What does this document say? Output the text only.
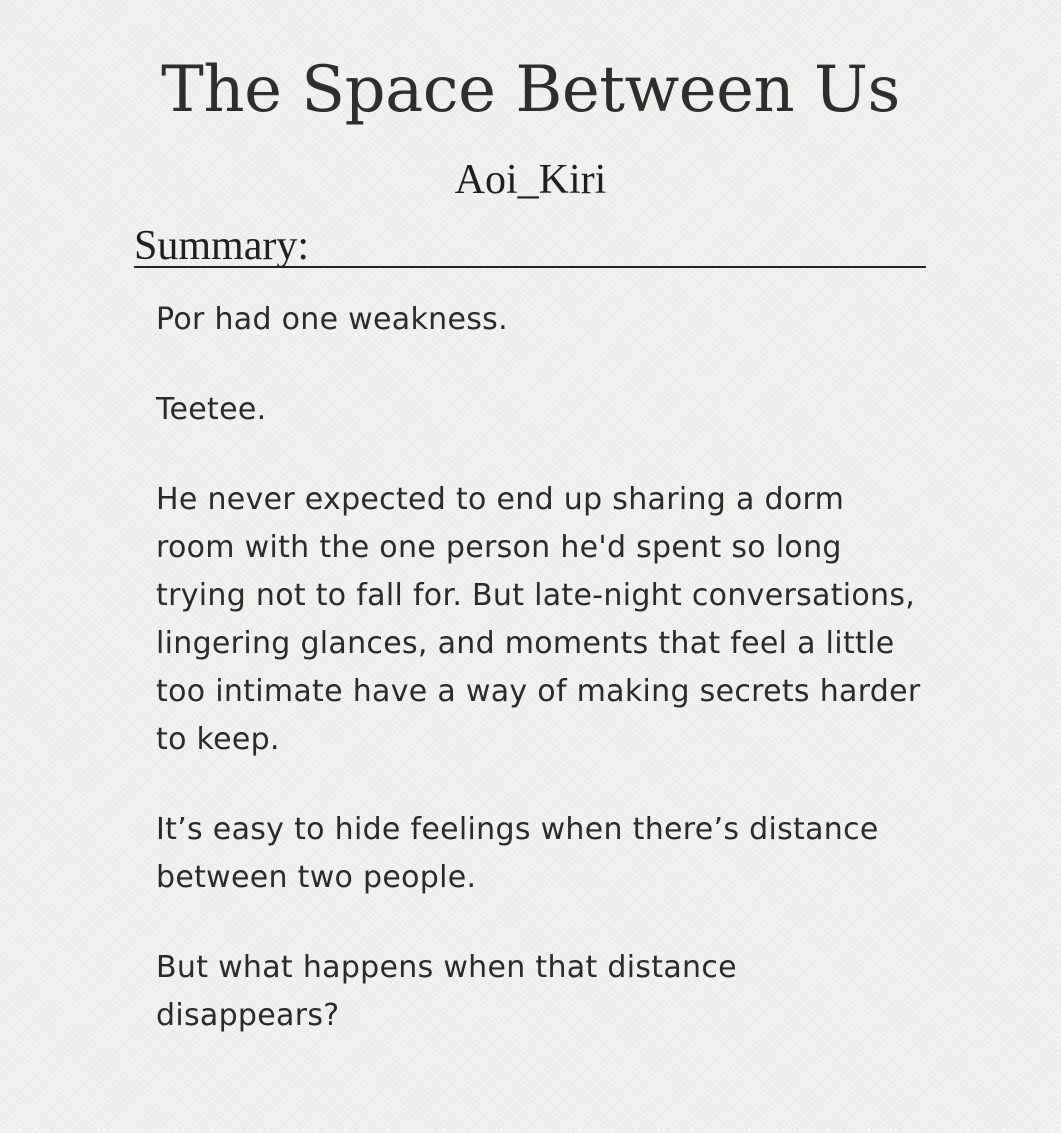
The Space Between Us
Aoi_Kiri
Summary:

Por had one weakness.

Teetee.

He never expected to end up sharing a dorm room with the one person he'd spent so long trying not to fall for. But late-night conversations, lingering glances, and moments that feel a little too intimate have a way of making secrets harder to keep.

It’s easy to hide feelings when there’s distance between two people.

But what happens when that distance disappears?
